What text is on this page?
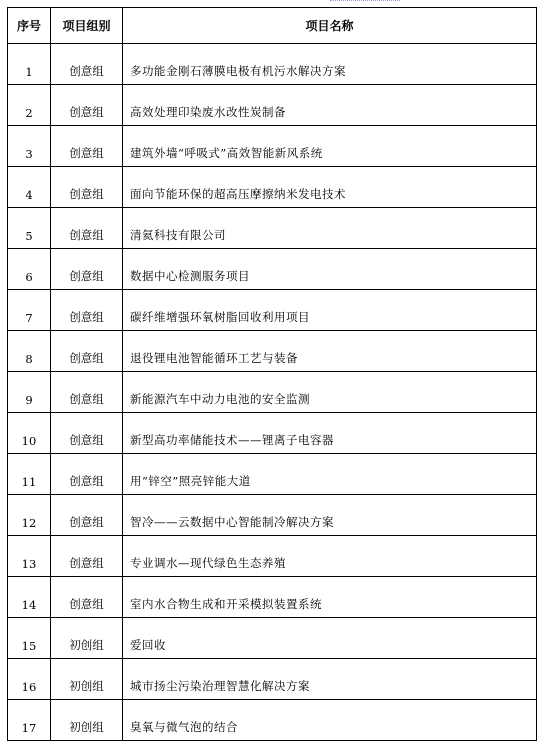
序号	项目组别	项目名称
1	创意组	多功能金刚石薄膜电极有机污水解决方案
2	创意组	高效处理印染废水改性炭制备
3	创意组	建筑外墙“呼吸式”高效智能新风系统
4	创意组	面向节能环保的超高压摩擦纳米发电技术
5	创意组	清氦科技有限公司
6	创意组	数据中心检测服务项目
7	创意组	碳纤维增强环氧树脂回收利用项目
8	创意组	退役锂电池智能循环工艺与装备
9	创意组	新能源汽车中动力电池的安全监测
10	创意组	新型高功率储能技术——锂离子电容器
11	创意组	用“锌空”照亮锌能大道
12	创意组	智冷——云数据中心智能制冷解决方案
13	创意组	专业调水—现代绿色生态养殖
14	创意组	室内水合物生成和开采模拟装置系统
15	初创组	爱回收
16	初创组	城市扬尘污染治理智慧化解决方案
17	初创组	臭氧与微气泡的结合
